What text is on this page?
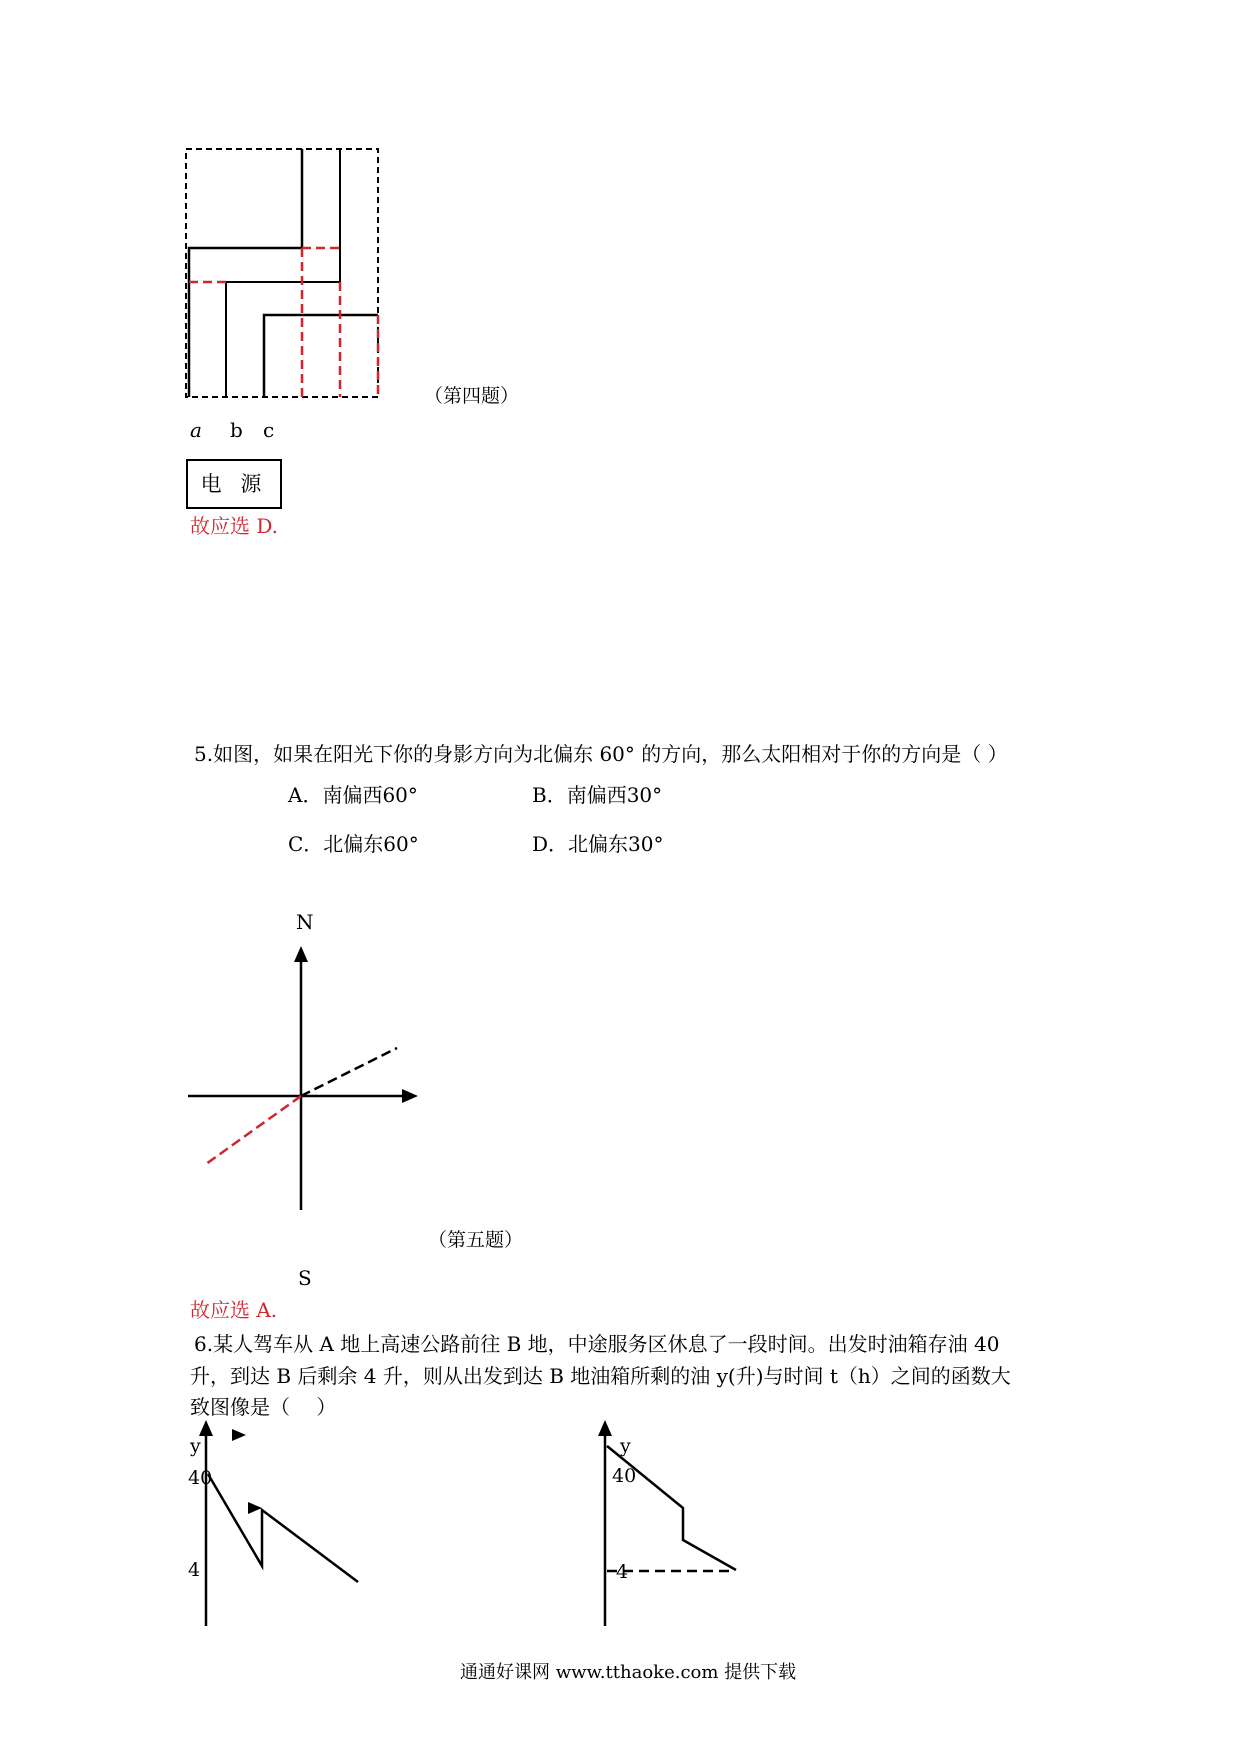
（第四题）
a b c
电 源
故应选 D.
5.如图，如果在阳光下你的身影方向为北偏东 60° 的方向，那么太阳相对于你的方向是（ ）
A．南偏西60°	B．南偏西30°
C．北偏东60°	D．北偏东30°
N
（第五题）
S
故应选 A.
6.某人驾车从 A 地上高速公路前往 B 地，中途服务区休息了一段时间。出发时油箱存油 40
升，到达 B 后剩余 4 升，则从出发到达 B 地油箱所剩的油 y(升)与时间 t（h）之间的函数大
致图像是（　 ）
y
40
4
y
40
4
通通好课网 www.tthaoke.com 提供下载
